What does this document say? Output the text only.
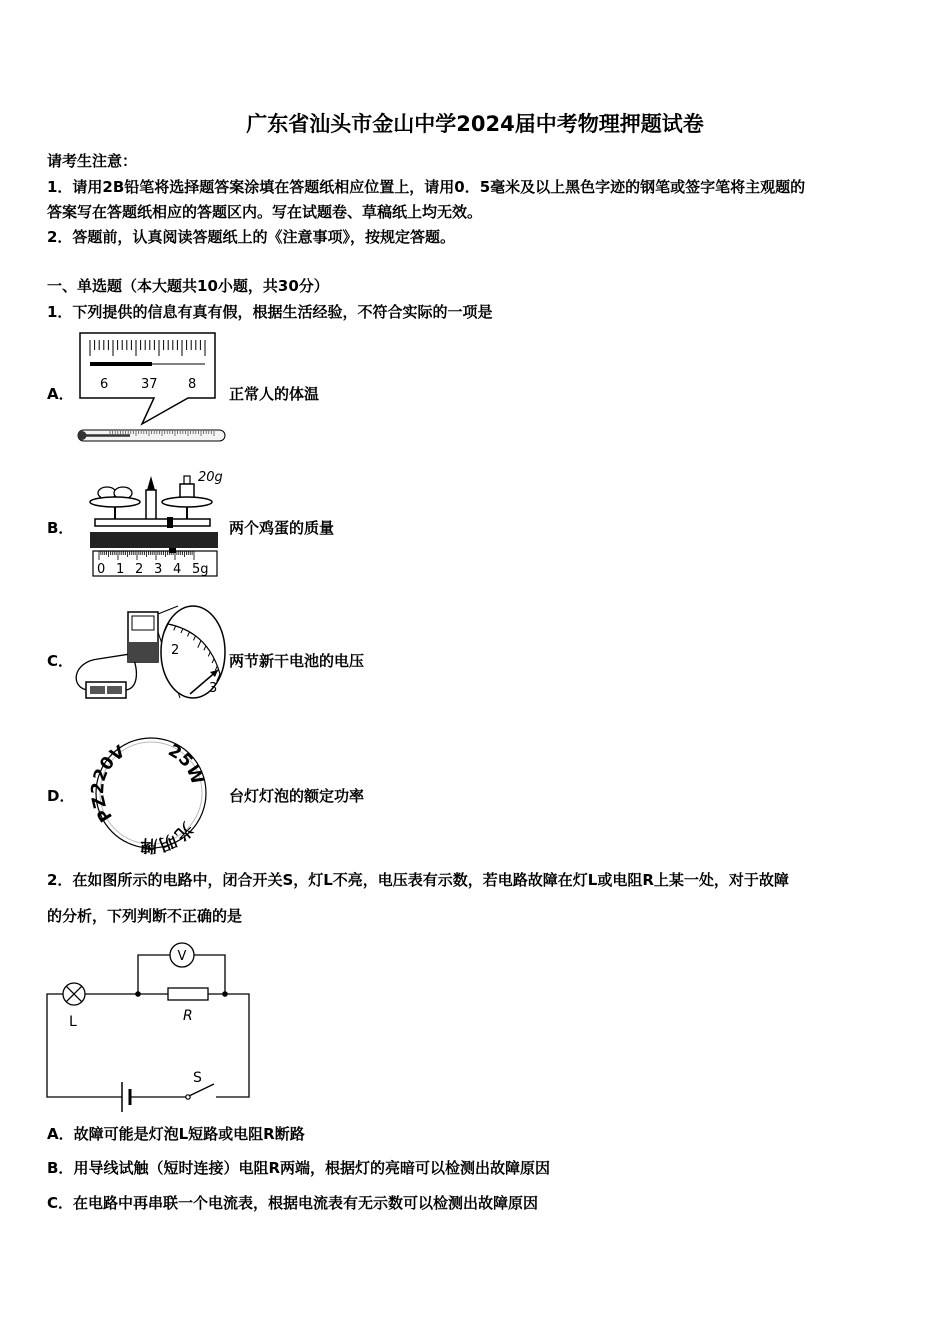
广东省汕头市金山中学2024届中考物理押题试卷
请考生注意：
1．请用2B铅笔将选择题答案涂填在答题纸相应位置上，请用0．5毫米及以上黑色字迹的钢笔或签字笔将主观题的
答案写在答题纸相应的答题区内。写在试题卷、草稿纸上均无效。
2．答题前，认真阅读答题纸上的《注意事项》，按规定答题。
一、单选题（本大题共10小题，共30分）
1．下列提供的信息有真有假，根据生活经验，不符合实际的一项是
A．	正常人的体温
6	37 8
B．	两个鸡蛋的质量
20g
0 1 2 3 4 5g
C．	两节新干电池的电压
2
3
D．	台灯灯泡的额定功率
PZ220V 25W
光明牌
2．在如图所示的电路中，闭合开关S，灯L不亮，电压表有示数，若电路故障在灯L或电阻R上某一处，对于故障
的分析，下列判断不正确的是
V
L	R
S
A．故障可能是灯泡L短路或电阻R断路
B．用导线试触（短时连接）电阻R两端，根据灯的亮暗可以检测出故障原因
C．在电路中再串联一个电流表，根据电流表有无示数可以检测出故障原因
